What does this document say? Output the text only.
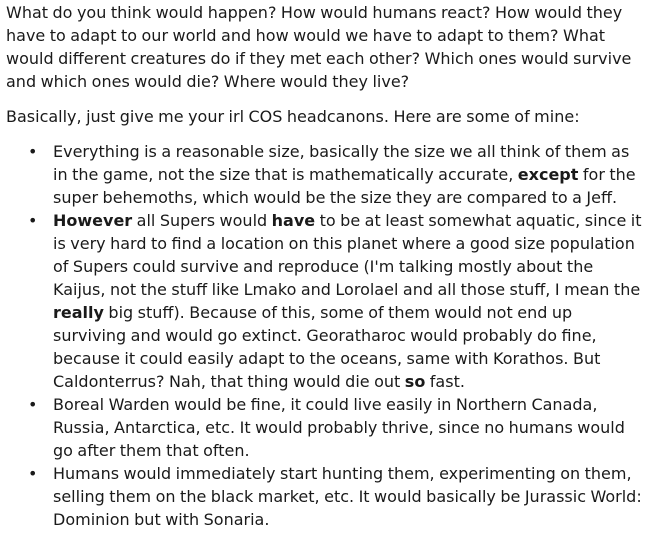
What do you think would happen? How would humans react? How would they have to adapt to our world and how would we have to adapt to them? What would different creatures do if they met each other? Which ones would survive and which ones would die? Where would they live?

Basically, just give me your irl COS headcanons. Here are some of mine:

• Everything is a reasonable size, basically the size we all think of them as in the game, not the size that is mathematically accurate, except for the super behemoths, which would be the size they are compared to a Jeff.
• However all Supers would have to be at least somewhat aquatic, since it is very hard to find a location on this planet where a good size population of Supers could survive and reproduce (I'm talking mostly about the Kaijus, not the stuff like Lmako and Lorolael and all those stuff, I mean the really big stuff). Because of this, some of them would not end up surviving and would go extinct. Georatharoc would probably do fine, because it could easily adapt to the oceans, same with Korathos. But Caldonterrus? Nah, that thing would die out so fast.
• Boreal Warden would be fine, it could live easily in Northern Canada, Russia, Antarctica, etc. It would probably thrive, since no humans would go after them that often.
• Humans would immediately start hunting them, experimenting on them, selling them on the black market, etc. It would basically be Jurassic World: Dominion but with Sonaria.
